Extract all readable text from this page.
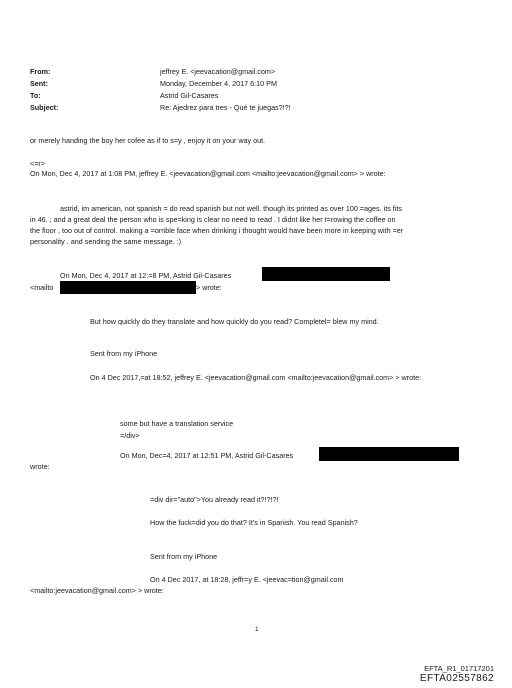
From:	jeffrey E. <jeevacation@gmail.com>
Sent:	Monday, December 4, 2017 6:10 PM
To:	Astrid Gil-Casares
Subject:	Re: Ajedrez para tres - Qué te juegas?!?!
or merely handing the boy her cofee as if to s=y , enjoy it on your way out.
<=r>
On Mon, Dec 4, 2017 at 1:08 PM, jeffrey E. <jeevacation@gmail.com <mailto:jeevacation@gmail.com> > wrote:
astrid, im american, not spanish = do read spanish but not well. though its printed as over 100 =ages. its fits
in 46. ; and a great deal the person who is spe=king is clear no need to read . I didnt like her t=rowing the coffee on
the floor , too out of control. making a =orrible face when drinking i thought would have been more in keeping with =er
personality . and sending the same message. :)
On Mon, Dec 4, 2017 at 12:=8 PM, Astrid Gil-Casares
<mailto	> wrote:
But how quickly do they translate and how quickly do you read? Completel= blew my mind.
Sent from my iPhone
On 4 Dec 2017,=at 18:52, jeffrey E. <jeevacation@gmail.com <mailto:jeevacation@gmail.com> > wrote:
some but have a translation service
=/div>
On Mon, Dec=4, 2017 at 12:51 PM, Astrid Gil-Casares
wrote:
=div dir="auto">You already read it?!?!?!
How the fuck=did you do that? It's in Spanish. You read Spanish?
Sent from my iPhone
On 4 Dec 2017, at 18:28, jeffr=y E. <jeevac=tion@gmail.com
<mailto:jeevacation@gmail.com> > wrote:
1
EFTA_R1_01717201
EFTA02557862
